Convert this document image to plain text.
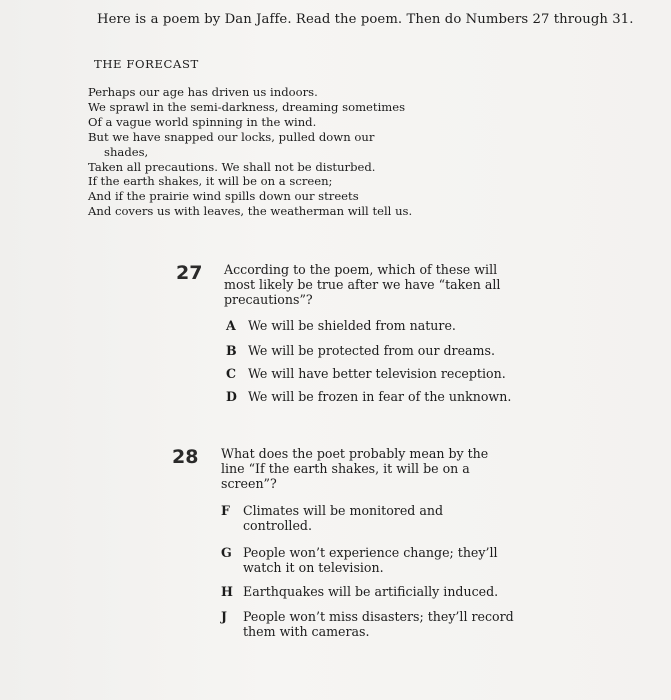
Here is a poem by Dan Jaffe. Read the poem. Then do Numbers 27 through 31.
THE FORECAST
Perhaps our age has driven us indoors.
We sprawl in the semi-darkness, dreaming sometimes
Of a vague world spinning in the wind.
But we have snapped our locks, pulled down our
shades,
Taken all precautions. We shall not be disturbed.
If the earth shakes, it will be on a screen;
And if the prairie wind spills down our streets
And covers us with leaves, the weatherman will tell us.
27 According to the poem, which of these will
most likely be true after we have “taken all
precautions”?
A We will be shielded from nature.
B We will be protected from our dreams.
C We will have better television reception.
D We will be frozen in fear of the unknown.
28 What does the poet probably mean by the
line “If the earth shakes, it will be on a
screen”?
F Climates will be monitored and
controlled.
G People won’t experience change; they’ll
watch it on television.
H Earthquakes will be artificially induced.
J People won’t miss disasters; they’ll record
them with cameras.
